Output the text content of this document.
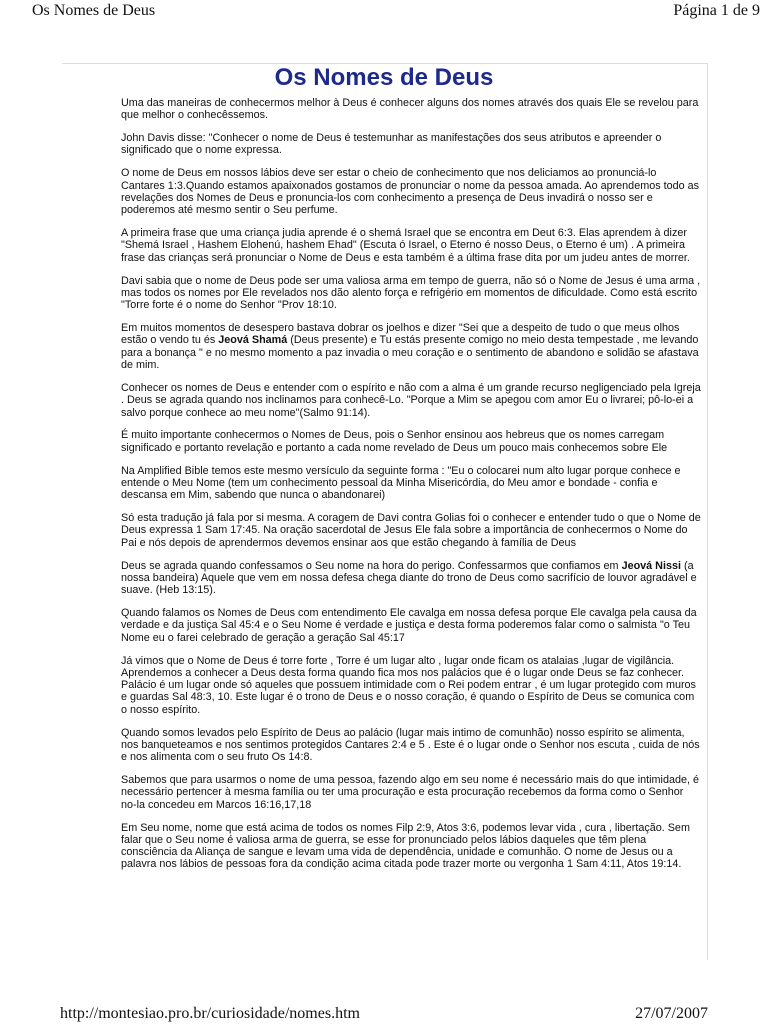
Os Nomes de Deus	Página 1 de 9
Os Nomes de Deus

Uma das maneiras de conhecermos melhor à Deus é conhecer alguns dos nomes através dos quais Ele se revelou para que melhor o conhecêssemos.

John Davis disse: "Conhecer o nome de Deus é testemunhar as manifestações dos seus atributos e apreender o significado que o nome expressa.

O nome de Deus em nossos lábios deve ser estar o cheio de conhecimento que nos deliciamos ao pronunciá-lo Cantares 1:3.Quando estamos apaixonados gostamos de pronunciar o nome da pessoa amada. Ao aprendemos todo as revelações dos Nomes de Deus e pronuncia-los com conhecimento a presença de Deus invadirá o nosso ser e poderemos até mesmo sentir o Seu perfume.

A primeira frase que uma criança judia aprende é o shemá Israel que se encontra em Deut 6:3. Elas aprendem à dizer "Shemá Israel , Hashem Elohenú, hashem Ehad" (Escuta ó Israel, o Eterno é nosso Deus, o Eterno é um) . A primeira frase das crianças será pronunciar o Nome de Deus e esta também é a última frase dita por um judeu antes de morrer.

Davi sabia que o nome de Deus pode ser uma valiosa arma em tempo de guerra, não só o Nome de Jesus é uma arma , mas todos os nomes por Ele revelados nos dão alento força e refrigério em momentos de dificuldade. Como está escrito "Torre forte é o nome do Senhor "Prov 18:10.

Em muitos momentos de desespero bastava dobrar os joelhos e dizer "Sei que a despeito de tudo o que meus olhos estão o vendo tu és Jeová Shamá (Deus presente) e Tu estás presente comigo no meio desta tempestade , me levando para a bonança " e no mesmo momento a paz invadia o meu coração e o sentimento de abandono e solidão se afastava de mim.

Conhecer os nomes de Deus e entender com o espírito e não com a alma é um grande recurso negligenciado pela Igreja . Deus se agrada quando nos inclinamos para conhecê-Lo. "Porque a Mim se apegou com amor Eu o livrarei; pô-lo-ei a salvo porque conhece ao meu nome"(Salmo 91:14).

É muito importante conhecermos o Nomes de Deus, pois o Senhor ensinou aos hebreus que os nomes carregam significado e portanto revelação e portanto a cada nome revelado de Deus um pouco mais conhecemos sobre Ele

Na Amplified Bible temos este mesmo versículo da seguinte forma : "Eu o colocarei num alto lugar porque conhece e entende o Meu Nome (tem um conhecimento pessoal da Minha Misericórdia, do Meu amor e bondade - confia e descansa em Mim, sabendo que nunca o abandonarei)

Só esta tradução já fala por si mesma. A coragem de Davi contra Golias foi o conhecer e entender tudo o que o Nome de Deus expressa 1 Sam 17:45. Na oração sacerdotal de Jesus Ele fala sobre a importância de conhecermos o Nome do Pai e nós depois de aprendermos devemos ensinar aos que estão chegando à família de Deus

Deus se agrada quando confessamos o Seu nome na hora do perigo. Confessarmos que confiamos em Jeová Nissi (a nossa bandeira) Aquele que vem em nossa defesa chega diante do trono de Deus como sacrifício de louvor agradável e suave. (Heb 13:15).

Quando falamos os Nomes de Deus com entendimento Ele cavalga em nossa defesa porque Ele cavalga pela causa da verdade e da justiça Sal 45:4 e o Seu Nome é verdade e justiça e desta forma poderemos falar como o salmista "o Teu Nome eu o farei celebrado de geração a geração Sal 45:17

Já vimos que o Nome de Deus é torre forte , Torre é um lugar alto , lugar onde ficam os atalaias ,lugar de vigilância. Aprendemos a conhecer a Deus desta forma quando fica mos nos palácios que é o lugar onde Deus se faz conhecer. Palácio é um lugar onde só aqueles que possuem intimidade com o Rei podem entrar , é um lugar protegido com muros e guardas Sal 48:3, 10. Este lugar é o trono de Deus e o nosso coração, é quando o Espírito de Deus se comunica com o nosso espírito.

Quando somos levados pelo Espírito de Deus ao palácio (lugar mais intimo de comunhão) nosso espírito se alimenta, nos banqueteamos e nos sentimos protegidos Cantares 2:4 e 5 . Este é o lugar onde o Senhor nos escuta , cuida de nós e nos alimenta com o seu fruto Os 14:8.

Sabemos que para usarmos o nome de uma pessoa, fazendo algo em seu nome é necessário mais do que intimidade, é necessário pertencer à mesma família ou ter uma procuração e esta procuração recebemos da forma como o Senhor no-la concedeu em Marcos 16:16,17,18

Em Seu nome, nome que está acima de todos os nomes Filp 2:9, Atos 3:6, podemos levar vida , cura , libertação. Sem falar que o Seu nome é valiosa arma de guerra, se esse for pronunciado pelos lábios daqueles que têm plena consciência da Aliança de sangue e levam uma vida de dependência, unidade e comunhão. O nome de Jesus ou a palavra nos lábios de pessoas fora da condição acima citada pode trazer morte ou vergonha 1 Sam 4:11, Atos 19:14.

http://montesiao.pro.br/curiosidade/nomes.htm	27/07/2007
